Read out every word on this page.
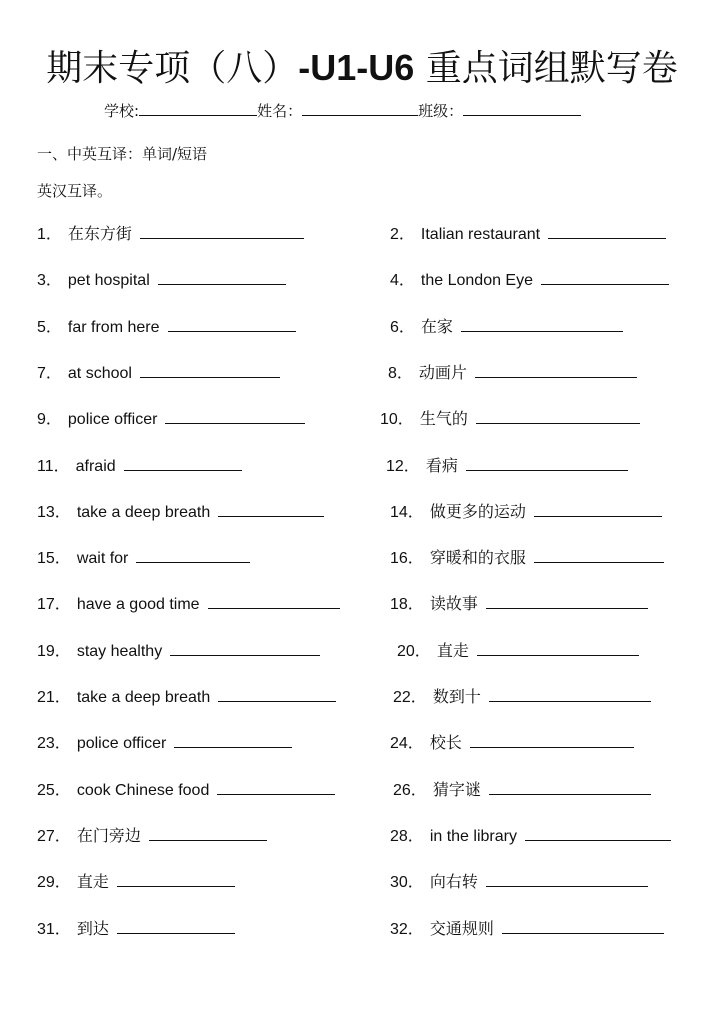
期末专项（八）-U1-U6 重点词组默写卷
学校:	姓名：	班级：
一、中英互译：单词/短语
英汉互译。
1． 在东方街	2． Italian restaurant
3． pet hospital	4． the London Eye
5． far from here	6． 在家
7． at school	8． 动画片
9． police officer	10． 生气的
11． afraid	12． 看病
13． take a deep breath	14． 做更多的运动
15． wait for	16． 穿暖和的衣服
17． have a good time	18． 读故事
19． stay healthy	20． 直走
21． take a deep breath	22． 数到十
23． police officer	24． 校长
25． cook Chinese food	26． 猜字谜
27． 在门旁边	28． in the library
29． 直走	30． 向右转
31． 到达	32． 交通规则
